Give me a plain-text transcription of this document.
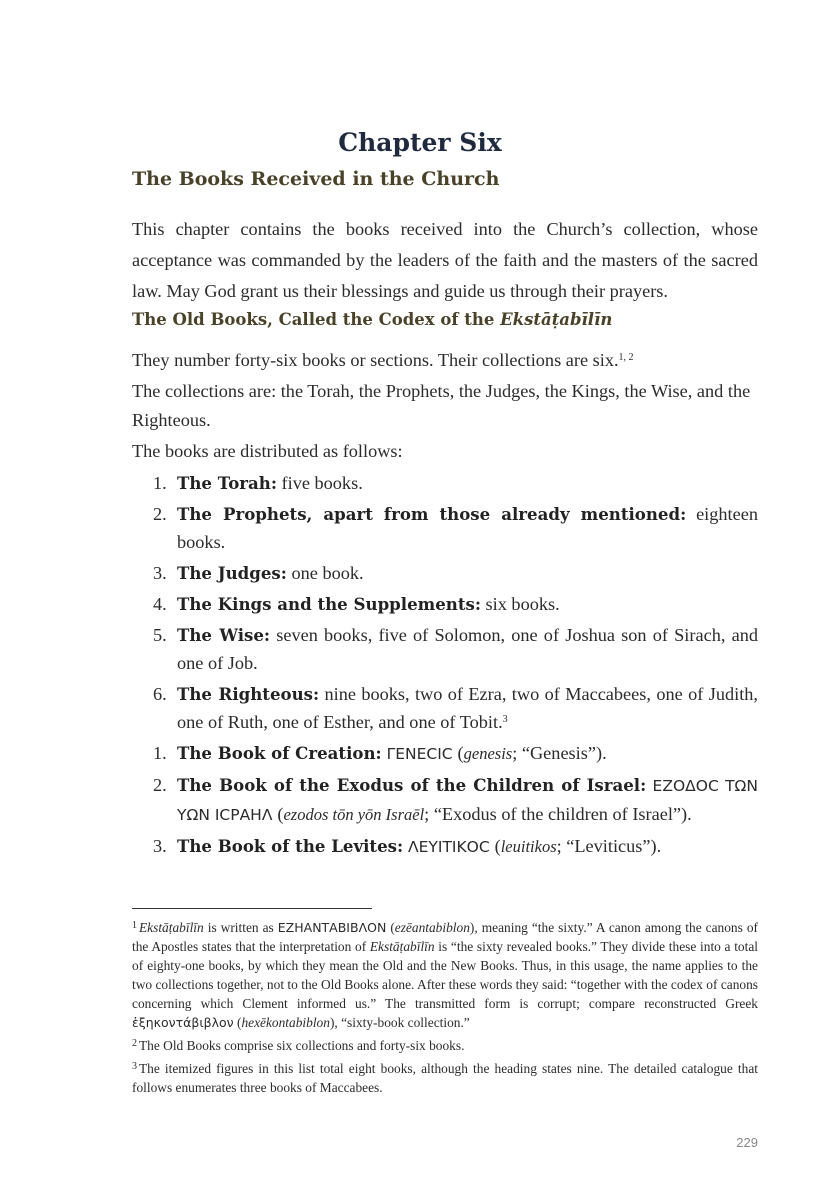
Chapter Six
The Books Received in the Church

This chapter contains the books received into the Church’s collection, whose acceptance was commanded by the leaders of the faith and the masters of the sacred law. May God grant us their blessings and guide us through their prayers.

The Old Books, Called the Codex of the Ekstāṭabīlīn

They number forty-six books or sections. Their collections are six.$^{1, 2}$

The collections are: the Torah, the Prophets, the Judges, the Kings, the Wise, and the Righteous.

The books are distributed as follows:

1. The Torah: five books.
2. The Prophets, apart from those already mentioned: eighteen books.
3. The Judges: one book.
4. The Kings and the Supplements: six books.
5. The Wise: seven books, five of Solomon, one of Joshua son of Sirach, and one of Job.
6. The Righteous: nine books, two of Ezra, two of Maccabees, one of Judith, one of Ruth, one of Esther, and one of Tobit.$^3$
1. The Book of Creation: ΓΕΝΕCΙC (genesis; “Genesis”).
2. The Book of the Exodus of the Children of Israel: ΕΖΟΔΟC ΤΩΝ ΥΩΝ ΙCΡΑΗΛ (ezodos tōn yōn Israēl; “Exodus of the children of Israel”).
3. The Book of the Levites: ΛΕΥΙΤΙΚΟC (leuitikos; “Leviticus”).

$^1$ Ekstāṭabīlīn is written as ΕΖΗΑΝΤΑΒΙΒΛΟΝ (ezēantabiblon), meaning “the sixty.” A canon among the canons of the Apostles states that the interpretation of Ekstāṭabīlīn is “the sixty revealed books.” They divide these into a total of eighty-one books, by which they mean the Old and the New Books. Thus, in this usage, the name applies to the two collections together, not to the Old Books alone. After these words they said: “together with the codex of canons concerning which Clement informed us.” The transmitted form is corrupt; compare reconstructed Greek ἑξηκοντάβιβλον (hexēkontabiblon), “sixty-book collection.”

$^2$ The Old Books comprise six collections and forty-six books.

$^3$ The itemized figures in this list total eight books, although the heading states nine. The detailed catalogue that follows enumerates three books of Maccabees.

229
